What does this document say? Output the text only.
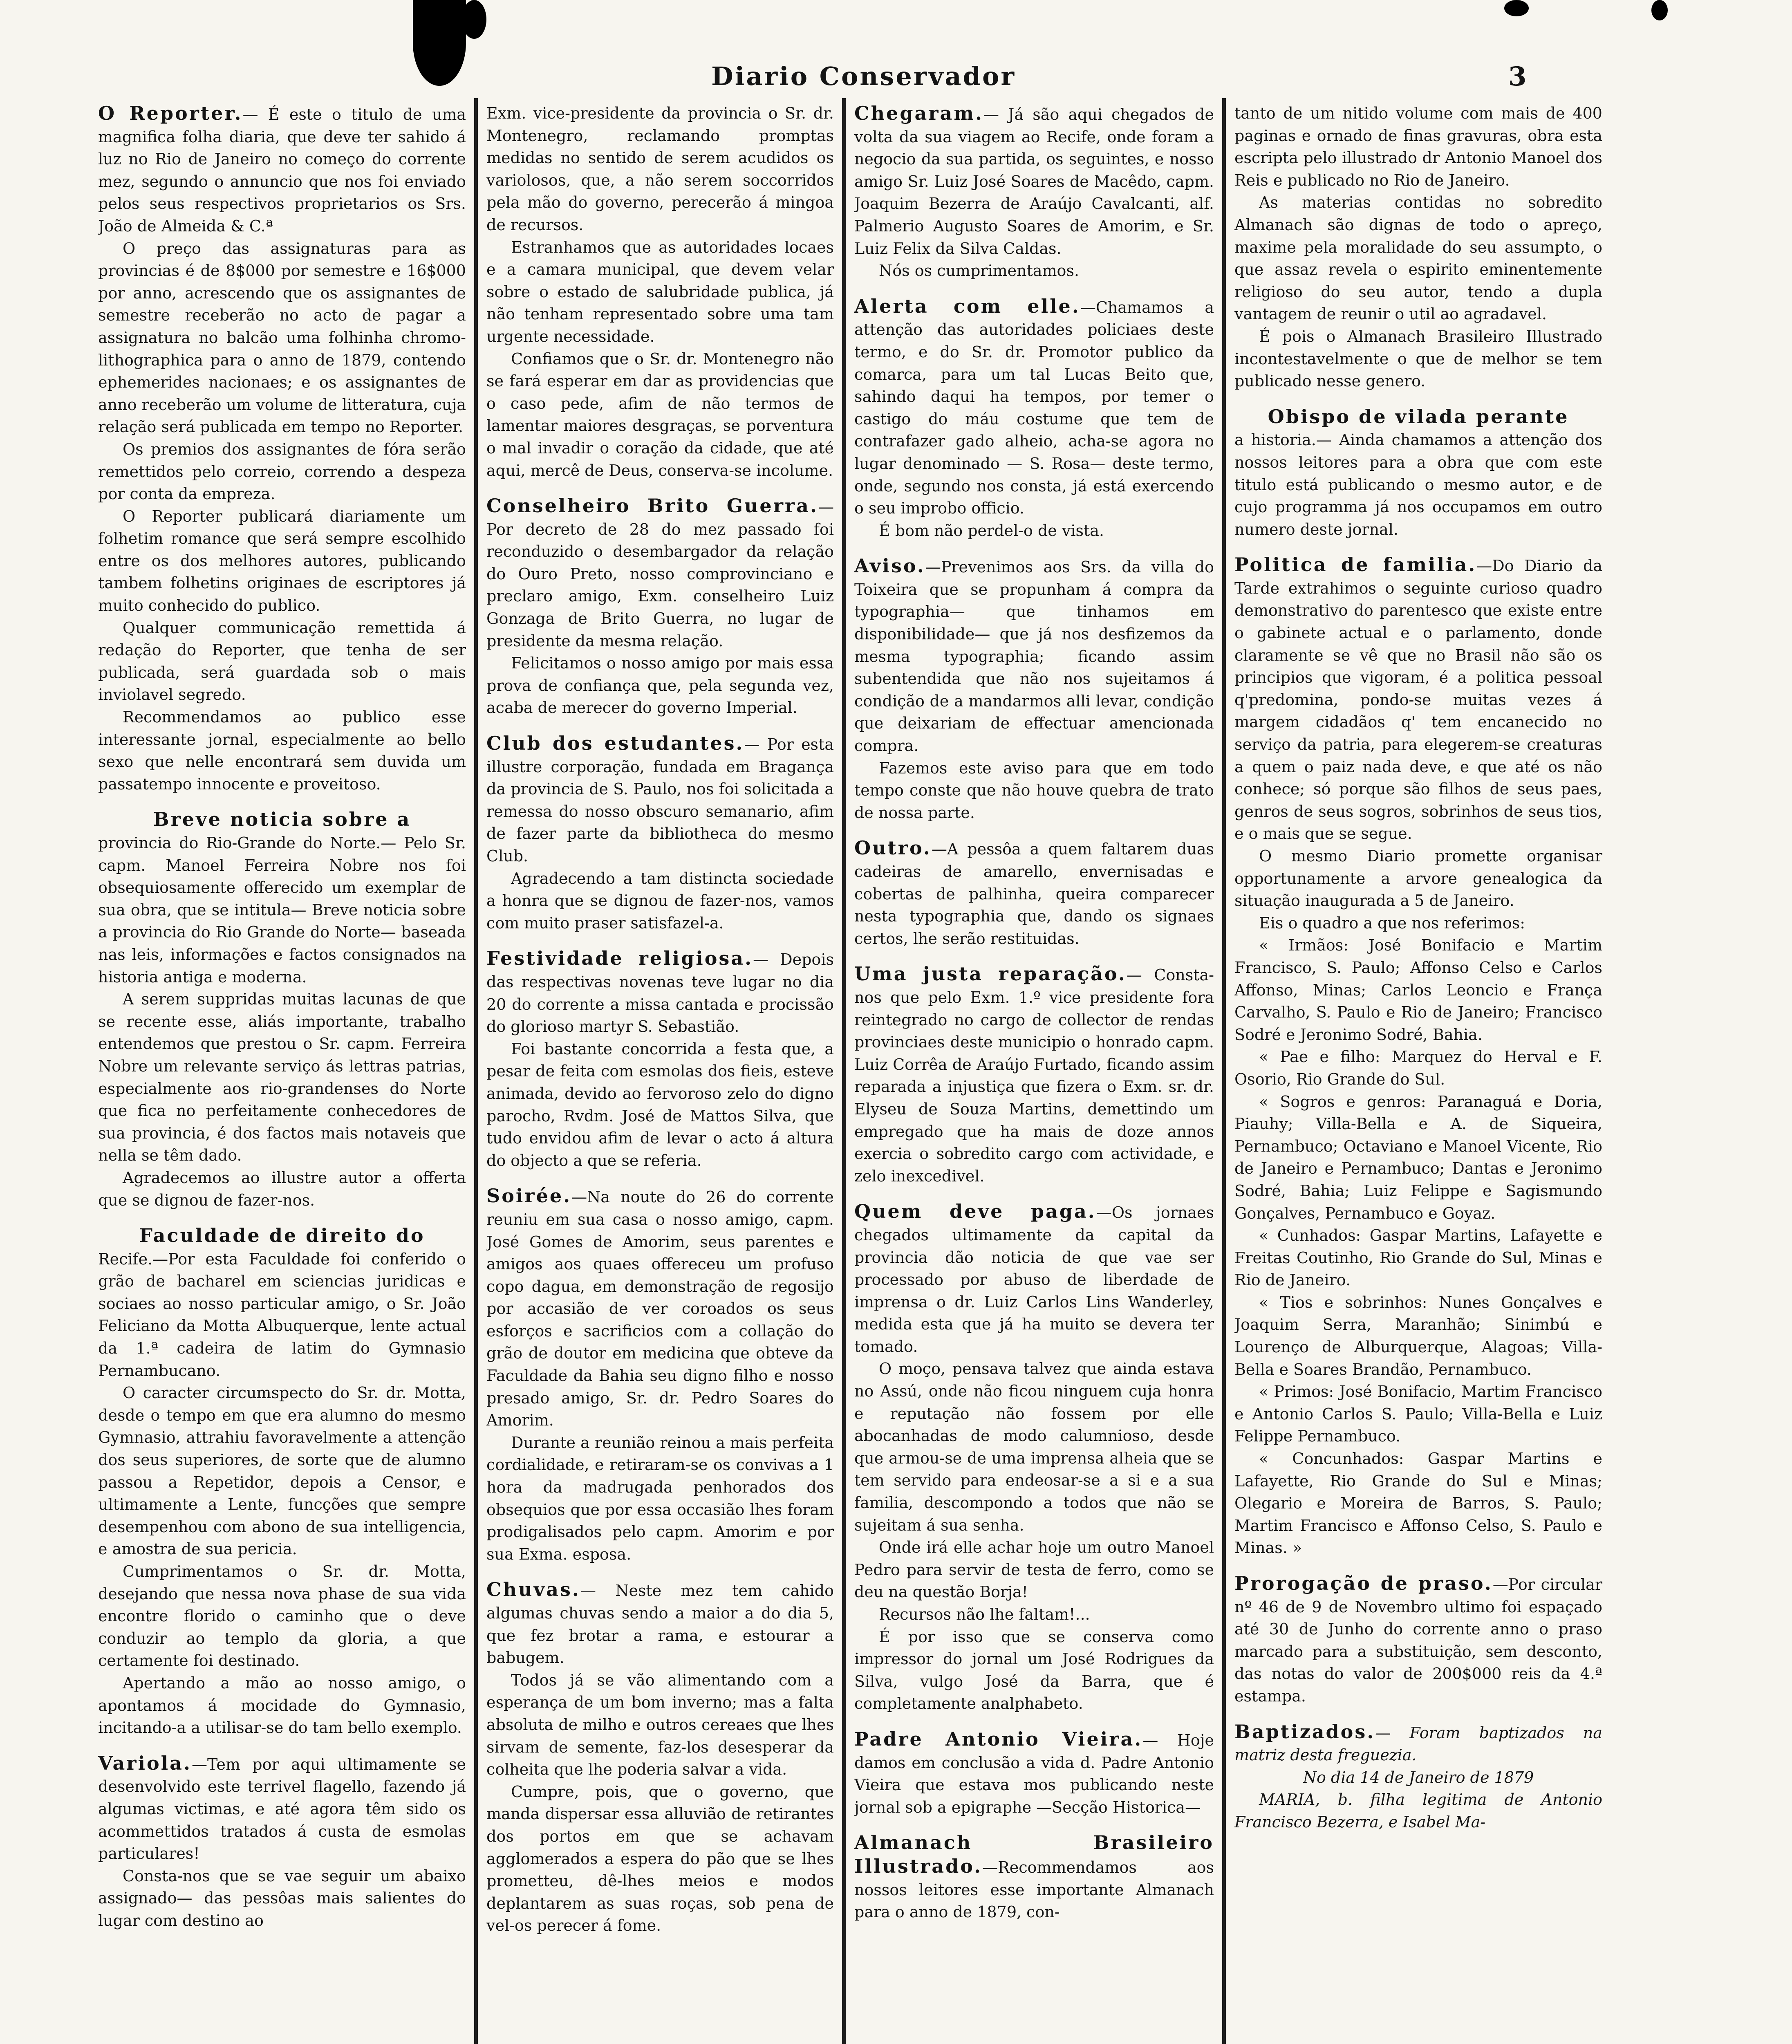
Diario Conservador	3

O Reporter.— É este o titulo de uma magnifica folha diaria, que deve ter sahido á luz no Rio de Janeiro no começo do corrente mez, segundo o annuncio que nos foi enviado pelos seus respectivos proprietarios os Srs. João de Almeida & C.ª

O preço das assignaturas para as provincias é de 8$000 por semestre e 16$000 por anno, acrescendo que os assignantes de semestre receberão no acto de pagar a assignatura no balcão uma folhinha chromo-lithographica para o anno de 1879, contendo ephemerides nacionaes; e os assignantes de anno receberão um volume de litteratura, cuja relação será publicada em tempo no Reporter.

Os premios dos assignantes de fóra serão remettidos pelo correio, correndo a despeza por conta da empreza.

O Reporter publicará diariamente um folhetim romance que será sempre escolhido entre os dos melhores autores, publicando tambem folhetins originaes de escriptores já muito conhecido do publico.

Qualquer communicação remettida á redação do Reporter, que tenha de ser publicada, será guardada sob o mais inviolavel segredo.

Recommendamos ao publico esse interessante jornal, especialmente ao bello sexo que nelle encontrará sem duvida um passatempo innocente e proveitoso.

Breve noticia sobre a

provincia do Rio-Grande do Norte.— Pelo Sr. capm. Manoel Ferreira Nobre nos foi obsequiosamente offerecido um exemplar de sua obra, que se intitula— Breve noticia sobre a provincia do Rio Grande do Norte— baseada nas leis, informações e factos consignados na historia antiga e moderna.

A serem suppridas muitas lacunas de que se recente esse, aliás importante, trabalho entendemos que prestou o Sr. capm. Ferreira Nobre um relevante serviço ás lettras patrias, especialmente aos rio-grandenses do Norte que fica no perfeitamente conhecedores de sua provincia, é dos factos mais notaveis que nella se têm dado.

Agradecemos ao illustre autor a offerta que se dignou de fazer-nos.

Faculdade de direito do

Recife.—Por esta Faculdade foi conferido o grão de bacharel em sciencias juridicas e sociaes ao nosso particular amigo, o Sr. João Feliciano da Motta Albuquerque, lente actual da 1.ª cadeira de latim do Gymnasio Pernambucano.

O caracter circumspecto do Sr. dr. Motta, desde o tempo em que era alumno do mesmo Gymnasio, attrahiu favoravelmente a attenção dos seus superiores, de sorte que de alumno passou a Repetidor, depois a Censor, e ultimamente a Lente, funcções que sempre desempenhou com abono de sua intelligencia, e amostra de sua pericia.

Cumprimentamos o Sr. dr. Motta, desejando que nessa nova phase de sua vida encontre florido o caminho que o deve conduzir ao templo da gloria, a que certamente foi destinado.

Apertando a mão ao nosso amigo, o apontamos á mocidade do Gymnasio, incitando-a a utilisar-se do tam bello exemplo.

Variola.—Tem por aqui ultimamente se desenvolvido este terrivel flagello, fazendo já algumas victimas, e até agora têm sido os acommettidos tratados á custa de esmolas particulares!

Consta-nos que se vae seguir um abaixo assignado— das pessôas mais salientes do lugar com destino ao

Exm. vice-presidente da provincia o Sr. dr. Montenegro, reclamando promptas medidas no sentido de serem acudidos os variolosos, que, a não serem soccorridos pela mão do governo, perecerão á mingoa de recursos.

Estranhamos que as autoridades locaes e a camara municipal, que devem velar sobre o estado de salubridade publica, já não tenham representado sobre uma tam urgente necessidade.

Confiamos que o Sr. dr. Montenegro não se fará esperar em dar as providencias que o caso pede, afim de não termos de lamentar maiores desgraças, se porventura o mal invadir o coração da cidade, que até aqui, mercê de Deus, conserva-se incolume.

Conselheiro Brito Guerra.—Por decreto de 28 do mez passado foi reconduzido o desembargador da relação do Ouro Preto, nosso comprovinciano e preclaro amigo, Exm. conselheiro Luiz Gonzaga de Brito Guerra, no lugar de presidente da mesma relação.

Felicitamos o nosso amigo por mais essa prova de confiança que, pela segunda vez, acaba de merecer do governo Imperial.

Club dos estudantes.— Por esta illustre corporação, fundada em Bragança da provincia de S. Paulo, nos foi solicitada a remessa do nosso obscuro semanario, afim de fazer parte da bibliotheca do mesmo Club.

Agradecendo a tam distincta sociedade a honra que se dignou de fazer-nos, vamos com muito praser satisfazel-a.

Festividade religiosa.— Depois das respectivas novenas teve lugar no dia 20 do corrente a missa cantada e procissão do glorioso martyr S. Sebastião.

Foi bastante concorrida a festa que, a pesar de feita com esmolas dos fieis, esteve animada, devido ao fervoroso zelo do digno parocho, Rvdm. José de Mattos Silva, que tudo envidou afim de levar o acto á altura do objecto a que se referia.

Soirée.—Na noute do 26 do corrente reuniu em sua casa o nosso amigo, capm. José Gomes de Amorim, seus parentes e amigos aos quaes offereceu um profuso copo dagua, em demonstração de regosijo por accasião de ver coroados os seus esforços e sacrificios com a collação do grão de doutor em medicina que obteve da Faculdade da Bahia seu digno filho e nosso presado amigo, Sr. dr. Pedro Soares do Amorim.

Durante a reunião reinou a mais perfeita cordialidade, e retiraram-se os convivas a 1 hora da madrugada penhorados dos obsequios que por essa occasião lhes foram prodigalisados pelo capm. Amorim e por sua Exma. esposa.

Chuvas.— Neste mez tem cahido algumas chuvas sendo a maior a do dia 5, que fez brotar a rama, e estourar a babugem.

Todos já se vão alimentando com a esperança de um bom inverno; mas a falta absoluta de milho e outros cereaes que lhes sirvam de semente, faz-los desesperar da colheita que lhe poderia salvar a vida.

Cumpre, pois, que o governo, que manda dispersar essa alluvião de retirantes dos portos em que se achavam agglomerados a espera do pão que se lhes prometteu, dê-lhes meios e modos deplantarem as suas roças, sob pena de vel-os perecer á fome.

Chegaram.— Já são aqui chegados de volta da sua viagem ao Recife, onde foram a negocio da sua partida, os seguintes, e nosso amigo Sr. Luiz José Soares de Macêdo, capm. Joaquim Bezerra de Araújo Cavalcanti, alf. Palmerio Augusto Soares de Amorim, e Sr. Luiz Felix da Silva Caldas.

Nós os cumprimentamos.

Alerta com elle.—Chamamos a attenção das autoridades policiaes deste termo, e do Sr. dr. Promotor publico da comarca, para um tal Lucas Beito que, sahindo daqui ha tempos, por temer o castigo do máu costume que tem de contrafazer gado alheio, acha-se agora no lugar denominado — S. Rosa— deste termo, onde, segundo nos consta, já está exercendo o seu improbo officio.

É bom não perdel-o de vista.

Aviso.—Prevenimos aos Srs. da villa do Toixeira que se propunham á compra da typographia— que tinhamos em disponibilidade— que já nos desfizemos da mesma typographia; ficando assim subentendida que não nos sujeitamos á condição de a mandarmos alli levar, condição que deixariam de effectuar amencionada compra.

Fazemos este aviso para que em todo tempo conste que não houve quebra de trato de nossa parte.

Outro.—A pessôa a quem faltarem duas cadeiras de amarello, envernisadas e cobertas de palhinha, queira comparecer nesta typographia que, dando os signaes certos, lhe serão restituidas.

Uma justa reparação.— Consta-nos que pelo Exm. 1.º vice presidente fora reintegrado no cargo de collector de rendas provinciaes deste municipio o honrado capm. Luiz Corrêa de Araújo Furtado, ficando assim reparada a injustiça que fizera o Exm. sr. dr. Elyseu de Souza Martins, demettindo um empregado que ha mais de doze annos exercia o sobredito cargo com actividade, e zelo inexcedivel.

Quem deve paga.—Os jornaes chegados ultimamente da capital da provincia dão noticia de que vae ser processado por abuso de liberdade de imprensa o dr. Luiz Carlos Lins Wanderley, medida esta que já ha muito se devera ter tomado.

O moço, pensava talvez que ainda estava no Assú, onde não ficou ninguem cuja honra e reputação não fossem por elle abocanhadas de modo calumnioso, desde que armou-se de uma imprensa alheia que se tem servido para endeosar-se a si e a sua familia, descompondo a todos que não se sujeitam á sua senha.

Onde irá elle achar hoje um outro Manoel Pedro para servir de testa de ferro, como se deu na questão Borja!

Recursos não lhe faltam!...

É por isso que se conserva como impressor do jornal um José Rodrigues da Silva, vulgo José da Barra, que é completamente analphabeto.

Padre Antonio Vieira.— Hoje damos em conclusão a vida d. Padre Antonio Vieira que estava mos publicando neste jornal sob a epigraphe —Secção Historica—

Almanach Brasileiro Illustrado.—Recommendamos aos nossos leitores esse importante Almanach para o anno de 1879, con-

tanto de um nitido volume com mais de 400 paginas e ornado de finas gravuras, obra esta escripta pelo illustrado dr Antonio Manoel dos Reis e publicado no Rio de Janeiro.

As materias contidas no sobredito Almanach são dignas de todo o apreço, maxime pela moralidade do seu assumpto, o que assaz revela o espirito eminentemente religioso do seu autor, tendo a dupla vantagem de reunir o util ao agradavel.

É pois o Almanach Brasileiro Illustrado incontestavelmente o que de melhor se tem publicado nesse genero.

Obispo de vilada perante

a historia.— Ainda chamamos a attenção dos nossos leitores para a obra que com este titulo está publicando o mesmo autor, e de cujo programma já nos occupamos em outro numero deste jornal.

Politica de familia.—Do Diario da Tarde extrahimos o seguinte curioso quadro demonstrativo do parentesco que existe entre o gabinete actual e o parlamento, donde claramente se vê que no Brasil não são os principios que vigoram, é a politica pessoal q'predomina, pondo-se muitas vezes á margem cidadãos q' tem encanecido no serviço da patria, para elegerem-se creaturas a quem o paiz nada deve, e que até os não conhece; só porque são filhos de seus paes, genros de seus sogros, sobrinhos de seus tios, e o mais que se segue.

O mesmo Diario promette organisar opportunamente a arvore genealogica da situação inaugurada a 5 de Janeiro.

Eis o quadro a que nos referimos:

« Irmãos: José Bonifacio e Martim Francisco, S. Paulo; Affonso Celso e Carlos Affonso, Minas; Carlos Leoncio e França Carvalho, S. Paulo e Rio de Janeiro; Francisco Sodré e Jeronimo Sodré, Bahia.

« Pae e filho: Marquez do Herval e F. Osorio, Rio Grande do Sul.

« Sogros e genros: Paranaguá e Doria, Piauhy; Villa-Bella e A. de Siqueira, Pernambuco; Octaviano e Manoel Vicente, Rio de Janeiro e Pernambuco; Dantas e Jeronimo Sodré, Bahia; Luiz Felippe e Sagismundo Gonçalves, Pernambuco e Goyaz.

« Cunhados: Gaspar Martins, Lafayette e Freitas Coutinho, Rio Grande do Sul, Minas e Rio de Janeiro.

« Tios e sobrinhos: Nunes Gonçalves e Joaquim Serra, Maranhão; Sinimbú e Lourenço de Alburquerque, Alagoas; Villa-Bella e Soares Brandão, Pernambuco.

« Primos: José Bonifacio, Martim Francisco e Antonio Carlos S. Paulo; Villa-Bella e Luiz Felippe Pernambuco.

« Concunhados: Gaspar Martins e Lafayette, Rio Grande do Sul e Minas; Olegario e Moreira de Barros, S. Paulo; Martim Francisco e Affonso Celso, S. Paulo e Minas. »

Prorogação de praso.—Por circular nº 46 de 9 de Novembro ultimo foi espaçado até 30 de Junho do corrente anno o praso marcado para a substituição, sem desconto, das notas do valor de 200$000 reis da 4.ª estampa.

Baptizados.— Foram baptizados na matriz desta freguezia.

No dia 14 de Janeiro de 1879

MARIA, b. filha legitima de Antonio Francisco Bezerra, e Isabel Ma-
